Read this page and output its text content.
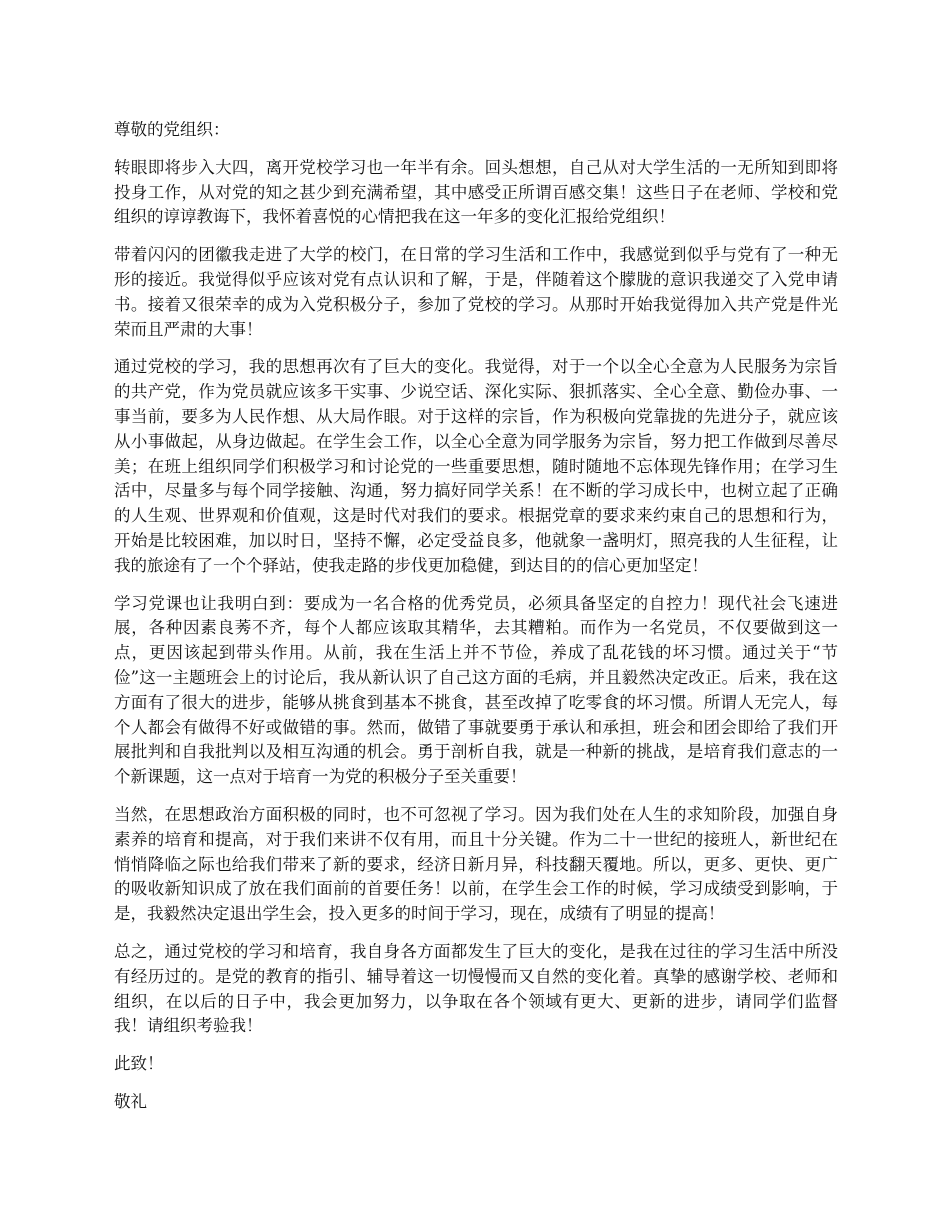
尊敬的党组织：

转眼即将步入大四，离开党校学习也一年半有余。回头想想，自己从对大学生活的一无所知到即将投身工作，从对党的知之甚少到充满希望，其中感受正所谓百感交集！这些日子在老师、学校和党组织的谆谆教诲下，我怀着喜悦的心情把我在这一年多的变化汇报给党组织！

带着闪闪的团徽我走进了大学的校门，在日常的学习生活和工作中，我感觉到似乎与党有了一种无形的接近。我觉得似乎应该对党有点认识和了解，于是，伴随着这个朦胧的意识我递交了入党申请书。接着又很荣幸的成为入党积极分子，参加了党校的学习。从那时开始我觉得加入共产党是件光荣而且严肃的大事！

通过党校的学习，我的思想再次有了巨大的变化。我觉得，对于一个以全心全意为人民服务为宗旨的共产党，作为党员就应该多干实事、少说空话、深化实际、狠抓落实、全心全意、勤俭办事、一事当前，要多为人民作想、从大局作眼。对于这样的宗旨，作为积极向党靠拢的先进分子，就应该从小事做起，从身边做起。在学生会工作，以全心全意为同学服务为宗旨，努力把工作做到尽善尽美；在班上组织同学们积极学习和讨论党的一些重要思想，随时随地不忘体现先锋作用；在学习生活中，尽量多与每个同学接触、沟通，努力搞好同学关系！在不断的学习成长中，也树立起了正确的人生观、世界观和价值观，这是时代对我们的要求。根据党章的要求来约束自己的思想和行为，开始是比较困难，加以时日，坚持不懈，必定受益良多，他就象一盏明灯，照亮我的人生征程，让我的旅途有了一个个驿站，使我走路的步伐更加稳健，到达目的的信心更加坚定！

学习党课也让我明白到：要成为一名合格的优秀党员，必须具备坚定的自控力！现代社会飞速进展，各种因素良莠不齐，每个人都应该取其精华，去其糟粕。而作为一名党员，不仅要做到这一点，更因该起到带头作用。从前，我在生活上并不节俭，养成了乱花钱的坏习惯。通过关于“节俭”这一主题班会上的讨论后，我从新认识了自己这方面的毛病，并且毅然决定改正。后来，我在这方面有了很大的进步，能够从挑食到基本不挑食，甚至改掉了吃零食的坏习惯。所谓人无完人，每个人都会有做得不好或做错的事。然而，做错了事就要勇于承认和承担，班会和团会即给了我们开展批判和自我批判以及相互沟通的机会。勇于剖析自我，就是一种新的挑战，是培育我们意志的一个新课题，这一点对于培育一为党的积极分子至关重要！

当然，在思想政治方面积极的同时，也不可忽视了学习。因为我们处在人生的求知阶段，加强自身素养的培育和提高，对于我们来讲不仅有用，而且十分关键。作为二十一世纪的接班人，新世纪在悄悄降临之际也给我们带来了新的要求，经济日新月异，科技翻天覆地。所以，更多、更快、更广的吸收新知识成了放在我们面前的首要任务！以前，在学生会工作的时候，学习成绩受到影响，于是，我毅然决定退出学生会，投入更多的时间于学习，现在，成绩有了明显的提高！

总之，通过党校的学习和培育，我自身各方面都发生了巨大的变化，是我在过往的学习生活中所没有经历过的。是党的教育的指引、辅导着这一切慢慢而又自然的变化着。真挚的感谢学校、老师和组织，在以后的日子中，我会更加努力，以争取在各个领域有更大、更新的进步，请同学们监督我！请组织考验我！

此致！

敬礼
